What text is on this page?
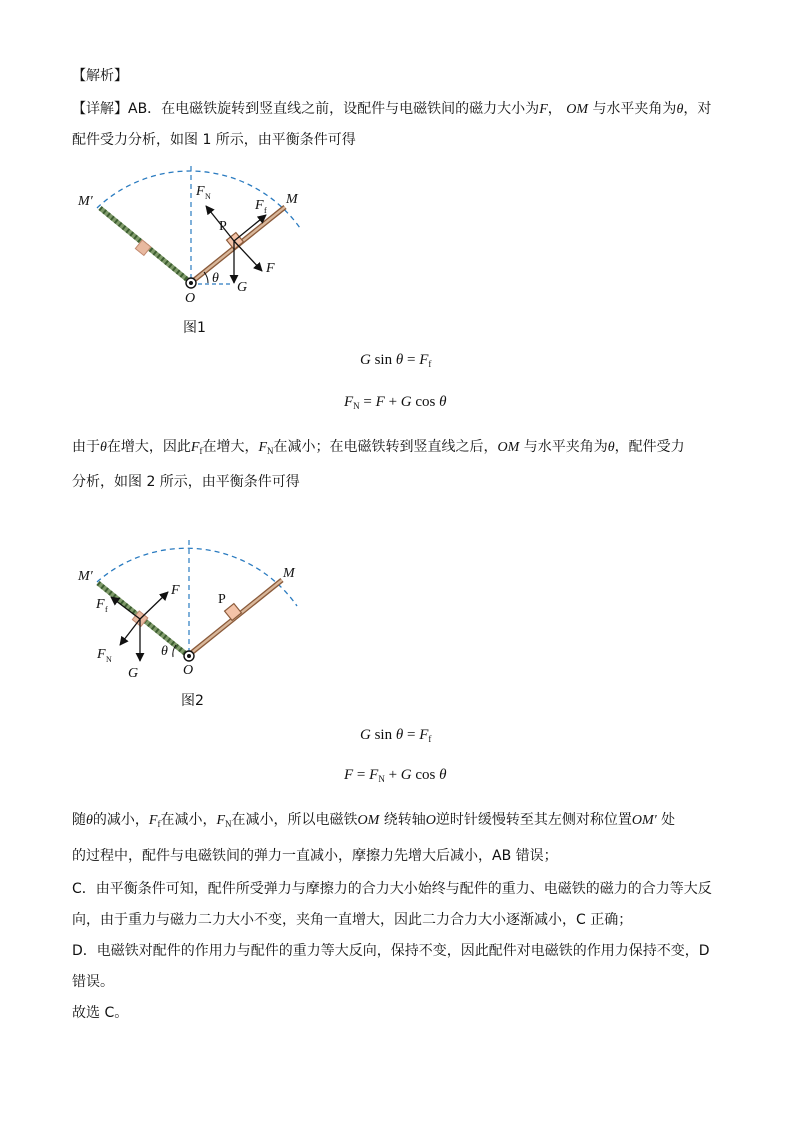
【解析】
【详解】AB．在电磁铁旋转到竖直线之前，设配件与电磁铁间的磁力大小为F， OM 与水平夹角为θ，对
配件受力分析，如图 1 所示，由平衡条件可得
M′	M
O
P
F N
F f
F
G
θ
图1
G $\sin \theta = F_f$
$F_N = F + G$ cos θ
由于θ在增大，因此$F_f$在增大，$F_N$在减小；在电磁铁转到竖直线之后，OM 与水平夹角为θ，配件受力
分析，如图 2 所示，由平衡条件可得
M′	M
O
P
F
F f
F N
G
θ
图2
G $\sin \theta = F_f$
$F = F_N + G$ cos θ
随θ的减小，$F_f$在减小，$F_N$在减小，所以电磁铁OM 绕转轴O逆时针缓慢转至其左侧对称位置OM′ 处
的过程中，配件与电磁铁间的弹力一直减小，摩擦力先增大后减小，AB 错误；
C．由平衡条件可知，配件所受弹力与摩擦力的合力大小始终与配件的重力、电磁铁的磁力的合力等大反
向，由于重力与磁力二力大小不变，夹角一直增大，因此二力合力大小逐渐减小，C 正确；
D．电磁铁对配件的作用力与配件的重力等大反向，保持不变，因此配件对电磁铁的作用力保持不变，D
错误。
故选 C。
